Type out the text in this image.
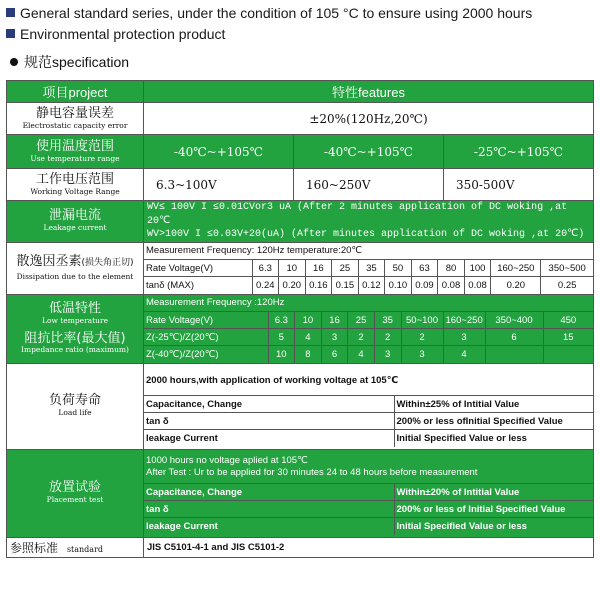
General standard series, under the condition of 105 °C to ensure using 2000 hours
Environmental protection product
规范specification
项目project	特性features

静电容量误差
Electrostatic capacity error	±20%(120Hz,20℃)

使用温度范围
Use temperature range	-40℃~+105℃	-40℃~+105℃	-25℃~+105℃

工作电压范围
Working Voltage Range	6.3~100V	160~250V	350-500V

泄漏电流
Leakage current

WV≤ 100V I ≤0.01CVor3 uA (After 2 minutes application of DC woking ,at 20℃
WV>100V I ≤0.03V+20(uA) (After minutes application of DC woking ,at 20℃)

散逸因丞素(损失角正切)
Dissipation due to the element

Measurement Frequency: 120Hz temperature:20℃
Rate Voltage(V)	6.3	10	16	25	35	50	63	80	100	160~250	350~500
tanδ (MAX)	0.24	0.20	0.16	0.15	0.12	0.10	0.09	0.08	0.08	0.20	0.25

低温特性
Low temperature
阻抗比率(最大值)
Impedance ratio (maximum)

Measurement Frequency :120Hz
Rate Voltage(V)	6.3	10	16	25	35	50~100	160~250	350~400	450
Z(-25℃)/Z(20℃)	5	4	3	2	2	2	3	6	15
Z(-40℃)/Z(20℃)	10	8	6	4	3	3	4		

负荷寿命
Load life

2000 hours,with application of working voltage at 105℃
Capacitance, Change	Within±25% of Intitial Value
tan δ	200% or less ofInitial Specified Value
leakage Current	Initial Specified Value or less

放置试验
Placement test

1000 hours no voltage aplied at 105℃
After Test : Ur to be applied for 30 minutes 24 to 48 hours before measurement

Capacitance, Change	Within±20% of Intitial Value
tan δ	200% or less of Initial Specified Value
leakage Current	Initial Specified Value or less

参照标准 standard	JIS C5101-4-1 and JIS C5101-2
